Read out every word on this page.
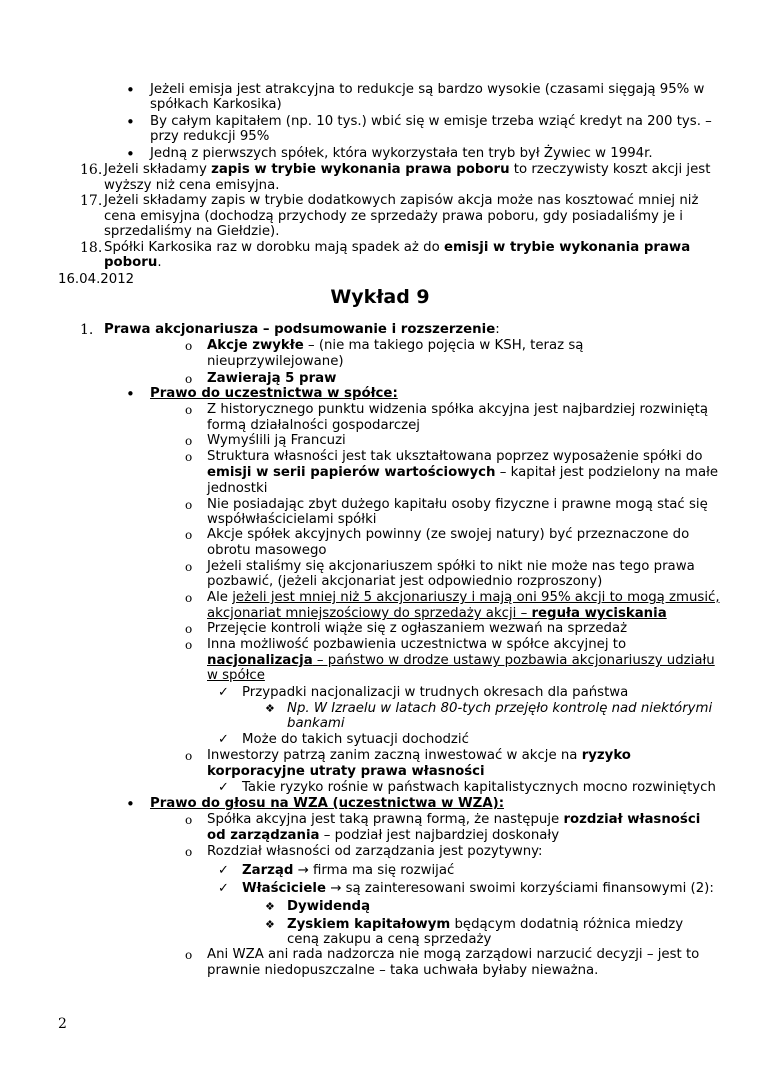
• Jeżeli emisja jest atrakcyjna to redukcje są bardzo wysokie (czasami sięgają 95% w
spółkach Karkosika)
• By całym kapitałem (np. 10 tys.) wbić się w emisje trzeba wziąć kredyt na 200 tys. –
przy redukcji 95%
• Jedną z pierwszych spółek, która wykorzystała ten tryb był Żywiec w 1994r.
16. Jeżeli składamy zapis w trybie wykonania prawa poboru to rzeczywisty koszt akcji jest
wyższy niż cena emisyjna.
17. Jeżeli składamy zapis w trybie dodatkowych zapisów akcja może nas kosztować mniej niż
cena emisyjna (dochodzą przychody ze sprzedaży prawa poboru, gdy posiadaliśmy je i
sprzedaliśmy na Giełdzie).
18. Spółki Karkosika raz w dorobku mają spadek aż do emisji w trybie wykonania prawa
poboru.
16.04.2012
Wykład 9
1. Prawa akcjonariusza – podsumowanie i rozszerzenie:
o Akcje zwykłe – (nie ma takiego pojęcia w KSH, teraz są
nieuprzywilejowane)
o Zawierają 5 praw
• Prawo do uczestnictwa w spółce:
o Z historycznego punktu widzenia spółka akcyjna jest najbardziej rozwiniętą
formą działalności gospodarczej
o Wymyślili ją Francuzi
o Struktura własności jest tak ukształtowana poprzez wyposażenie spółki do
emisji w serii papierów wartościowych – kapitał jest podzielony na małe
jednostki
o Nie posiadając zbyt dużego kapitału osoby fizyczne i prawne mogą stać się
współwłaścicielami spółki
o Akcje spółek akcyjnych powinny (ze swojej natury) być przeznaczone do
obrotu masowego
o Jeżeli staliśmy się akcjonariuszem spółki to nikt nie może nas tego prawa
pozbawić, (jeżeli akcjonariat jest odpowiednio rozproszony)
o Ale jeżeli jest mniej niż 5 akcjonariuszy i mają oni 95% akcji to mogą zmusić,
akcjonariat mniejszościowy do sprzedaży akcji – reguła wyciskania
o Przejęcie kontroli wiąże się z ogłaszaniem wezwań na sprzedaż
o Inna możliwość pozbawienia uczestnictwa w spółce akcyjnej to
nacjonalizacja – państwo w drodze ustawy pozbawia akcjonariuszy udziału
w spółce
✓ Przypadki nacjonalizacji w trudnych okresach dla państwa
❖ Np. W Izraelu w latach 80-tych przejęło kontrolę nad niektórymi
bankami
✓ Może do takich sytuacji dochodzić
o Inwestorzy patrzą zanim zaczną inwestować w akcje na ryzyko
korporacyjne utraty prawa własności
✓ Takie ryzyko rośnie w państwach kapitalistycznych mocno rozwiniętych
• Prawo do głosu na WZA (uczestnictwa w WZA):
o Spółka akcyjna jest taką prawną formą, że następuje rozdział własności
od zarządzania – podział jest najbardziej doskonały
o Rozdział własności od zarządzania jest pozytywny:
✓ Zarząd → firma ma się rozwijać
✓ Właściciele → są zainteresowani swoimi korzyściami finansowymi (2):
❖ Dywidendą
❖ Zyskiem kapitałowym będącym dodatnią różnica miedzy
ceną zakupu a ceną sprzedaży
o Ani WZA ani rada nadzorcza nie mogą zarządowi narzucić decyzji – jest to
prawnie niedopuszczalne – taka uchwała byłaby nieważna.
2
